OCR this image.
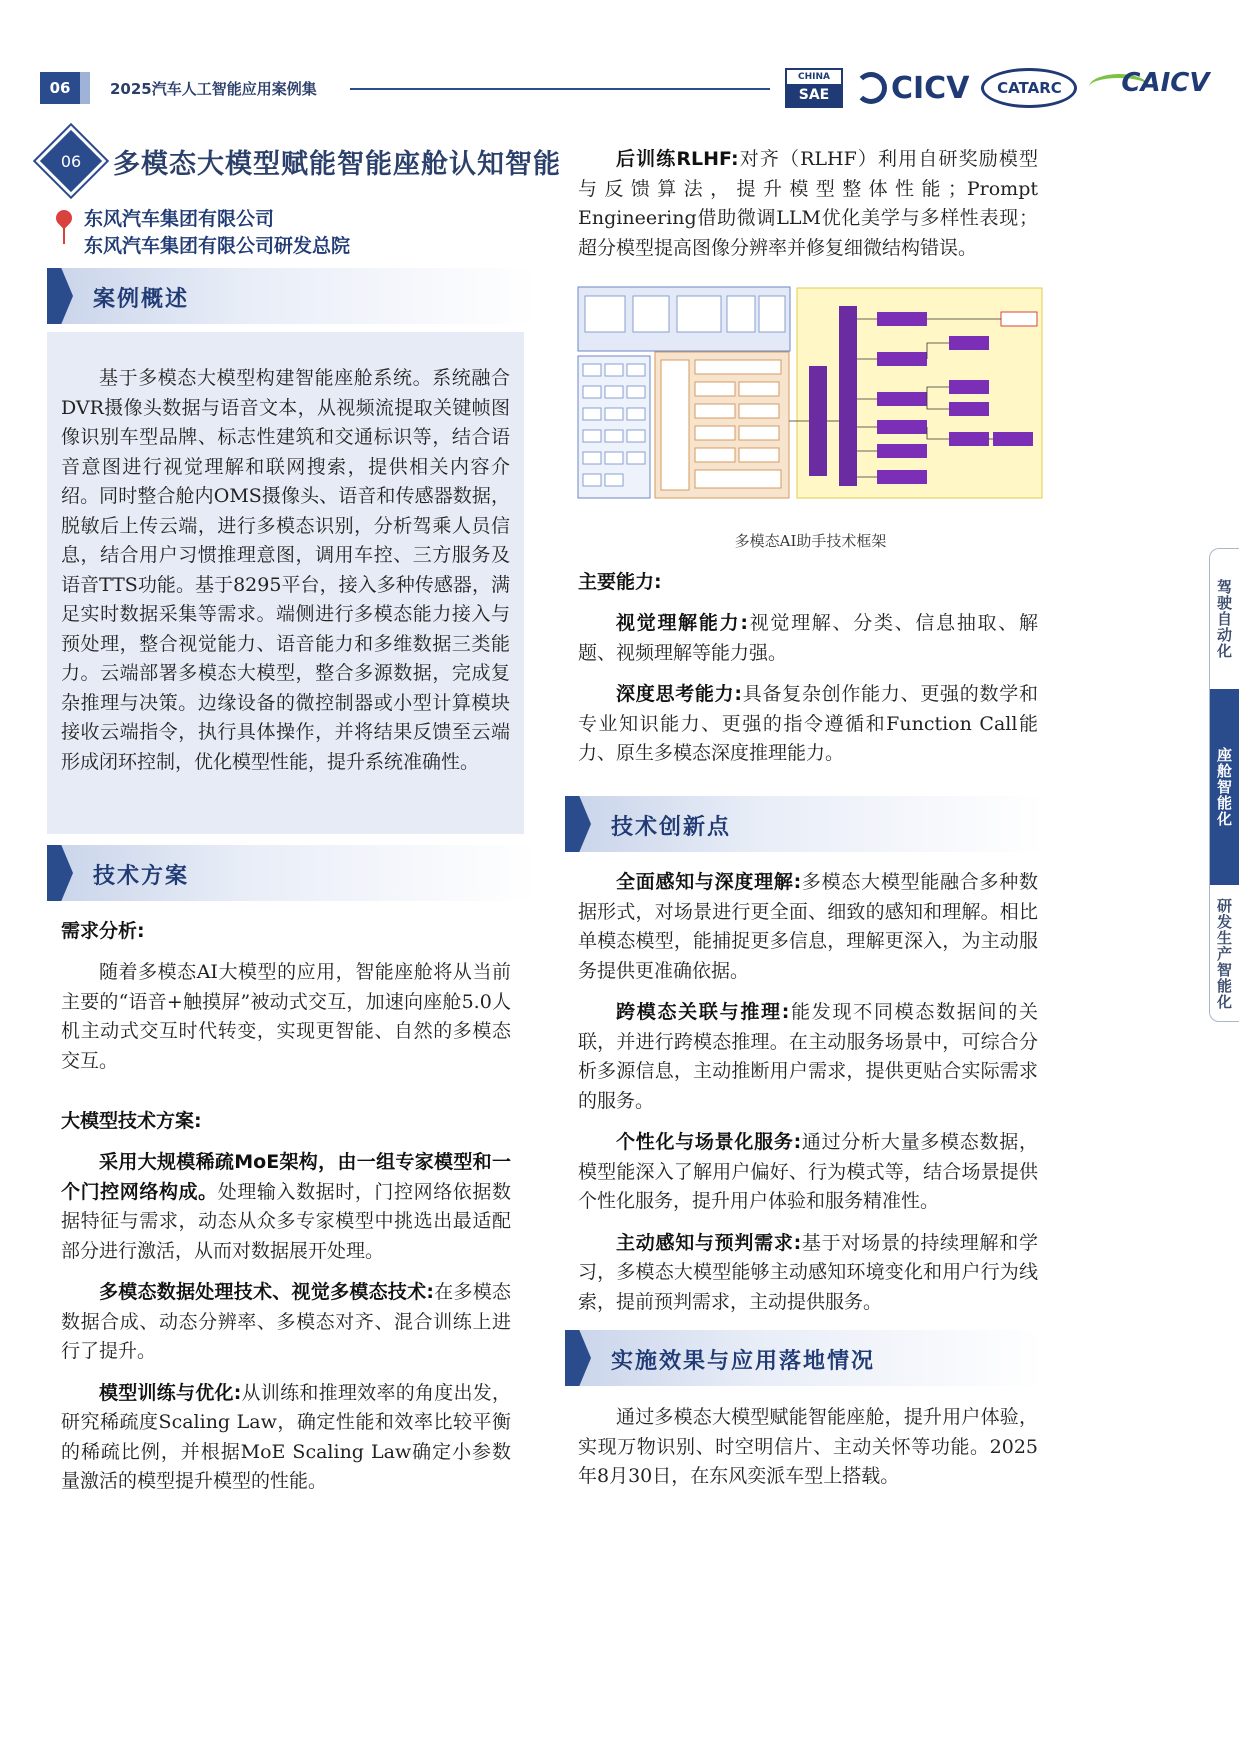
06	2025汽车人工智能应用案例集
CHINA
SAE	CICV CATARC CAICV
06	多模态大模型赋能智能座舱认知智能
东风汽车集团有限公司
东风汽车集团有限公司研发总院
案例概述

基于多模态大模型构建智能座舱系统。系统融合DVR摄像头数据与语音文本，从视频流提取关键帧图像识别车型品牌、标志性建筑和交通标识等，结合语音意图进行视觉理解和联网搜索，提供相关内容介绍。同时整合舱内OMS摄像头、语音和传感器数据，脱敏后上传云端，进行多模态识别，分析驾乘人员信息，结合用户习惯推理意图，调用车控、三方服务及语音TTS功能。基于8295平台，接入多种传感器，满足实时数据采集等需求。端侧进行多模态能力接入与预处理，整合视觉能力、语音能力和多维数据三类能力。云端部署多模态大模型，整合多源数据，完成复杂推理与决策。边缘设备的微控制器或小型计算模块接收云端指令，执行具体操作，并将结果反馈至云端形成闭环控制，优化模型性能，提升系统准确性。

技术方案
需求分析:

随着多模态AI大模型的应用，智能座舱将从当前主要的“语音+触摸屏”被动式交互，加速向座舱5.0人机主动式交互时代转变，实现更智能、自然的多模态交互。

大模型技术方案:

采用大规模稀疏MoE架构，由一组专家模型和一个门控网络构成。处理输入数据时，门控网络依据数据特征与需求，动态从众多专家模型中挑选出最适配部分进行激活，从而对数据展开处理。

多模态数据处理技术、视觉多模态技术:在多模态数据合成、动态分辨率、多模态对齐、混合训练上进行了提升。

模型训练与优化:从训练和推理效率的角度出发，研究稀疏度Scaling Law，确定性能和效率比较平衡的稀疏比例，并根据MoE Scaling Law确定小参数量激活的模型提升模型的性能。

后训练RLHF:对齐（RLHF）利用自研奖励模型与反馈算法，提升模型整体性能；Prompt Engineering借助微调LLM优化美学与多样性表现；超分模型提高图像分辨率并修复细微结构错误。

多模态AI助手技术框架
主要能力:

视觉理解能力:视觉理解、分类、信息抽取、解题、视频理解等能力强。

深度思考能力:具备复杂创作能力、更强的数学和专业知识能力、更强的指令遵循和Function Call能力、原生多模态深度推理能力。

技术创新点

全面感知与深度理解:多模态大模型能融合多种数据形式，对场景进行更全面、细致的感知和理解。相比单模态模型，能捕捉更多信息，理解更深入，为主动服务提供更准确依据。

跨模态关联与推理:能发现不同模态数据间的关联，并进行跨模态推理。在主动服务场景中，可综合分析多源信息，主动推断用户需求，提供更贴合实际需求的服务。

个性化与场景化服务:通过分析大量多模态数据，模型能深入了解用户偏好、行为模式等，结合场景提供个性化服务，提升用户体验和服务精准性。

主动感知与预判需求:基于对场景的持续理解和学习，多模态大模型能够主动感知环境变化和用户行为线索，提前预判需求，主动提供服务。

实施效果与应用落地情况

通过多模态大模型赋能智能座舱，提升用户体验，实现万物识别、时空明信片、主动关怀等功能。2025年8月30日，在东风奕派车型上搭载。

驾驶自动化
座舱智能化
研发生产智能化
